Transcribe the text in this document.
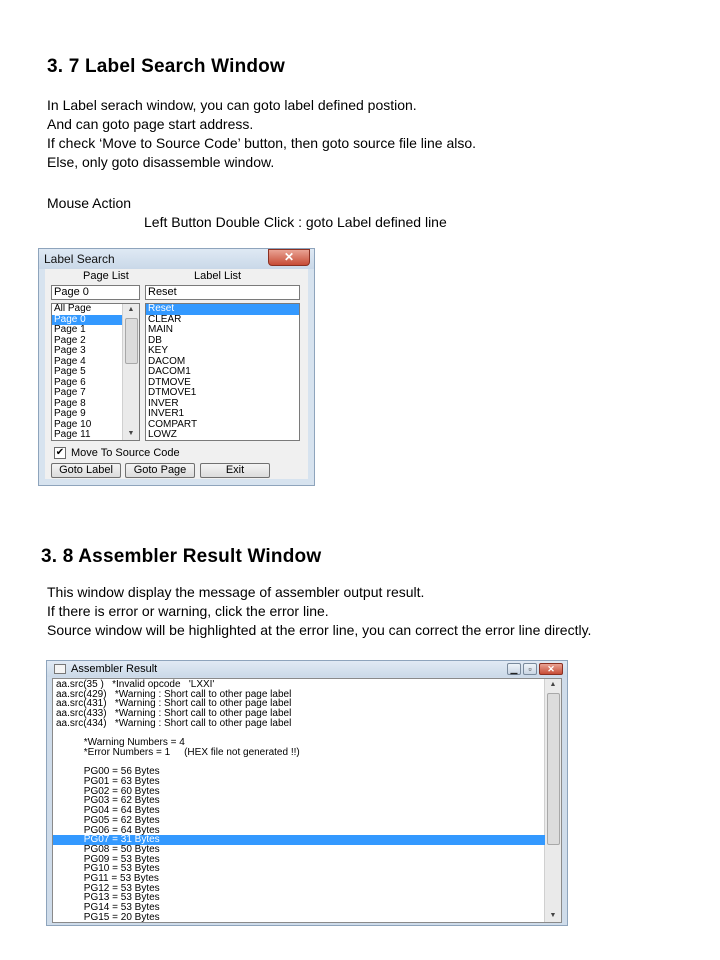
3. 7 Label Search Window
In Label serach window, you can goto label defined postion.
And can goto page start address.
If check ‘Move to Source Code’ button, then goto source file line also.
Else, only goto disassemble window.
Mouse Action
Left Button Double Click : goto Label defined line
Label Search	✕
Page List	Label List
Page 0	Reset
All Page
Page 0
Page 1
Page 2
Page 3
Page 4
Page 5
Page 6
Page 7
Page 8
Page 9
Page 10
Page 11
▲
▼
Reset
CLEAR
MAIN
DB
KEY
DACOM
DACOM1
DTMOVE
DTMOVE1
INVER
INVER1
COMPART
LOWZ
✔ Move To Source Code
Goto Label	Goto Page	Exit
3. 8 Assembler Result Window
This window display the message of assembler output result.
If there is error or warning, click the error line.
Source window will be highlighted at the error line, you can correct the error line directly.
Assembler Result	▁	▫	✕
▲
▼
aa.src(35 )   *Invalid opcode   'LXXI'
aa.src(429)   *Warning : Short call to other page label
aa.src(431)   *Warning : Short call to other page label
aa.src(433)   *Warning : Short call to other page label
aa.src(434)   *Warning : Short call to other page label
*Warning Numbers = 4
*Error Numbers = 1     (HEX file not generated !!)
PG00 = 56 Bytes
PG01 = 63 Bytes
PG02 = 60 Bytes
PG03 = 62 Bytes
PG04 = 64 Bytes
PG05 = 62 Bytes
PG06 = 64 Bytes
PG07 = 31 Bytes
PG08 = 50 Bytes
PG09 = 53 Bytes
PG10 = 53 Bytes
PG11 = 53 Bytes
PG12 = 53 Bytes
PG13 = 53 Bytes
PG14 = 53 Bytes
PG15 = 20 Bytes
